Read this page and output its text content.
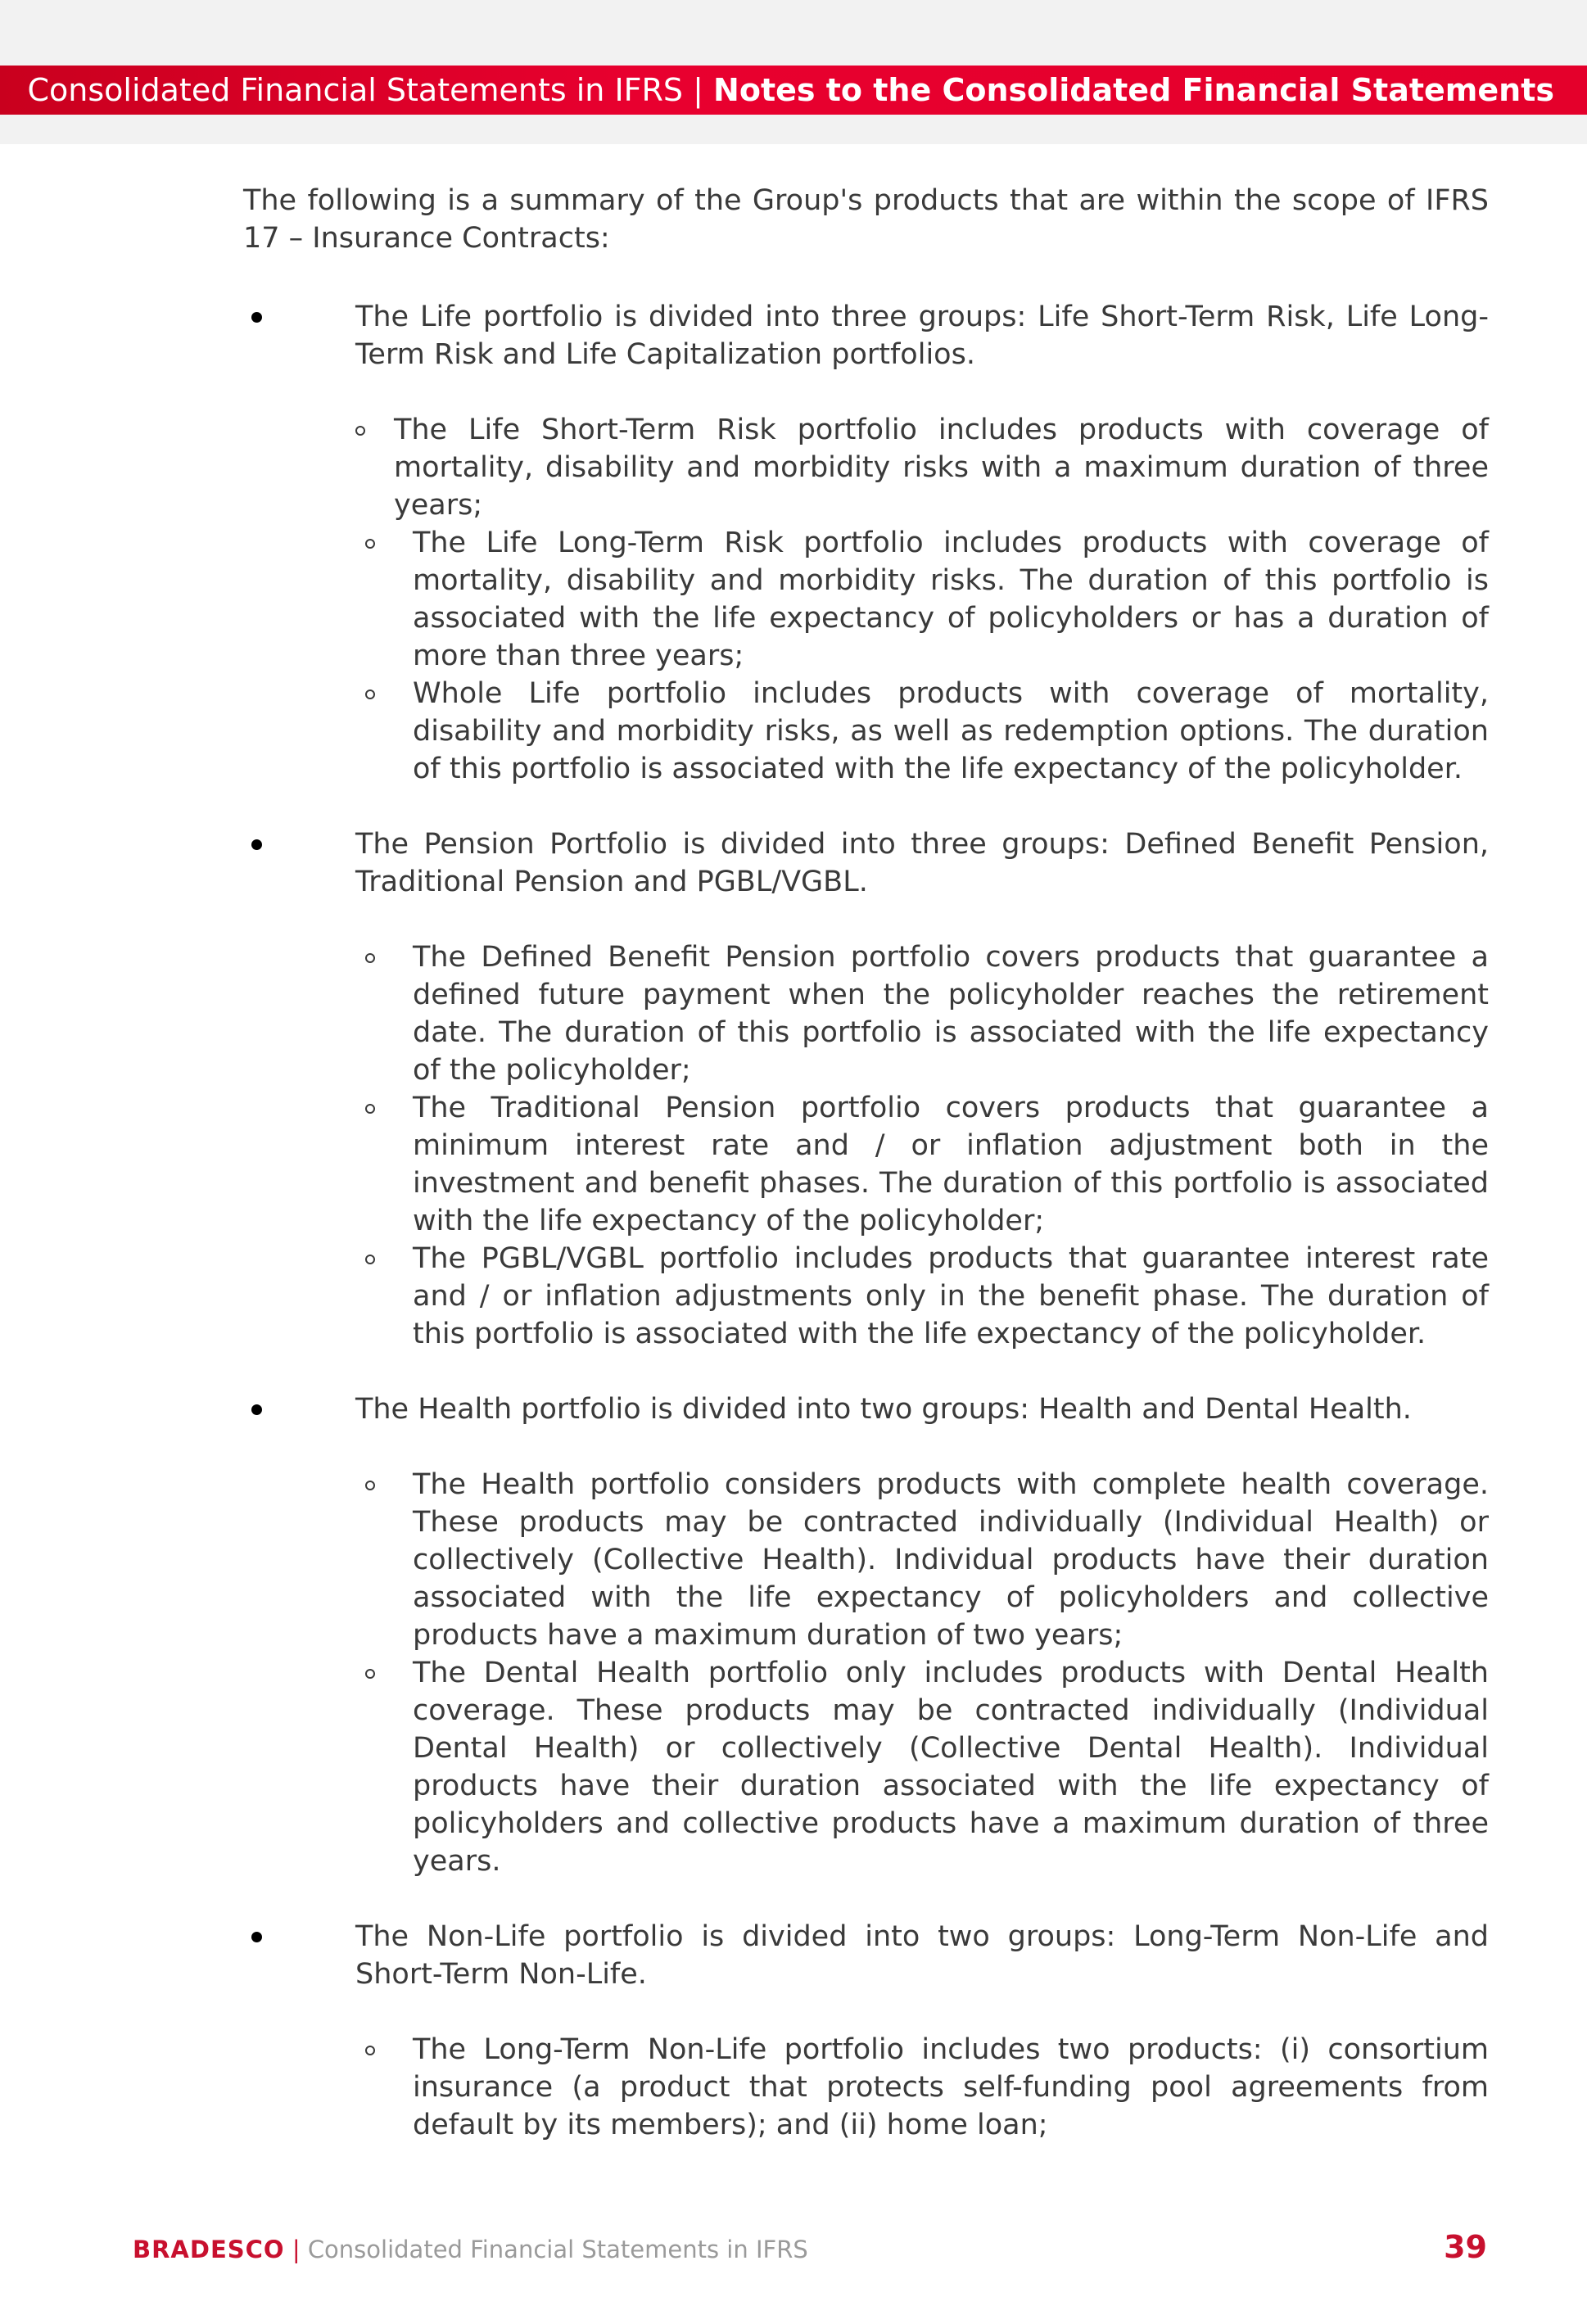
Consolidated Financial Statements in IFRS | Notes to the Consolidated Financial Statements

The following is a summary of the Group's products that are within the scope of IFRS 17 – Insurance Contracts:

The Life portfolio is divided into three groups: Life Short-Term Risk, Life Long-Term Risk and Life Capitalization portfolios.
The Life Short-Term Risk portfolio includes products with coverage of mortality, disability and morbidity risks with a maximum duration of three years;
The Life Long-Term Risk portfolio includes products with coverage of mortality, disability and morbidity risks. The duration of this portfolio is associated with the life expectancy of policyholders or has a duration of more than three years;
Whole Life portfolio includes products with coverage of mortality, disability and morbidity risks, as well as redemption options. The duration of this portfolio is associated with the life expectancy of the policyholder.
The Pension Portfolio is divided into three groups: Defined Benefit Pension, Traditional Pension and PGBL/VGBL.
The Defined Benefit Pension portfolio covers products that guarantee a defined future payment when the policyholder reaches the retirement date. The duration of this portfolio is associated with the life expectancy of the policyholder;
The Traditional Pension portfolio covers products that guarantee a minimum interest rate and / or inflation adjustment both in the investment and benefit phases. The duration of this portfolio is associated with the life expectancy of the policyholder;
The PGBL/VGBL portfolio includes products that guarantee interest rate and / or inflation adjustments only in the benefit phase. The duration of this portfolio is associated with the life expectancy of the policyholder.
The Health portfolio is divided into two groups: Health and Dental Health.
The Health portfolio considers products with complete health coverage. These products may be contracted individually (Individual Health) or collectively (Collective Health). Individual products have their duration associated with the life expectancy of policyholders and collective products have a maximum duration of two years;
The Dental Health portfolio only includes products with Dental Health coverage. These products may be contracted individually (Individual Dental Health) or collectively (Collective Dental Health). Individual products have their duration associated with the life expectancy of policyholders and collective products have a maximum duration of three years.
The Non-Life portfolio is divided into two groups: Long-Term Non-Life and Short-Term Non-Life.
The Long-Term Non-Life portfolio includes two products: (i) consortium insurance (a product that protects self-funding pool agreements from default by its members); and (ii) home loan;
BRADESCO | Consolidated Financial Statements in IFRS	39
